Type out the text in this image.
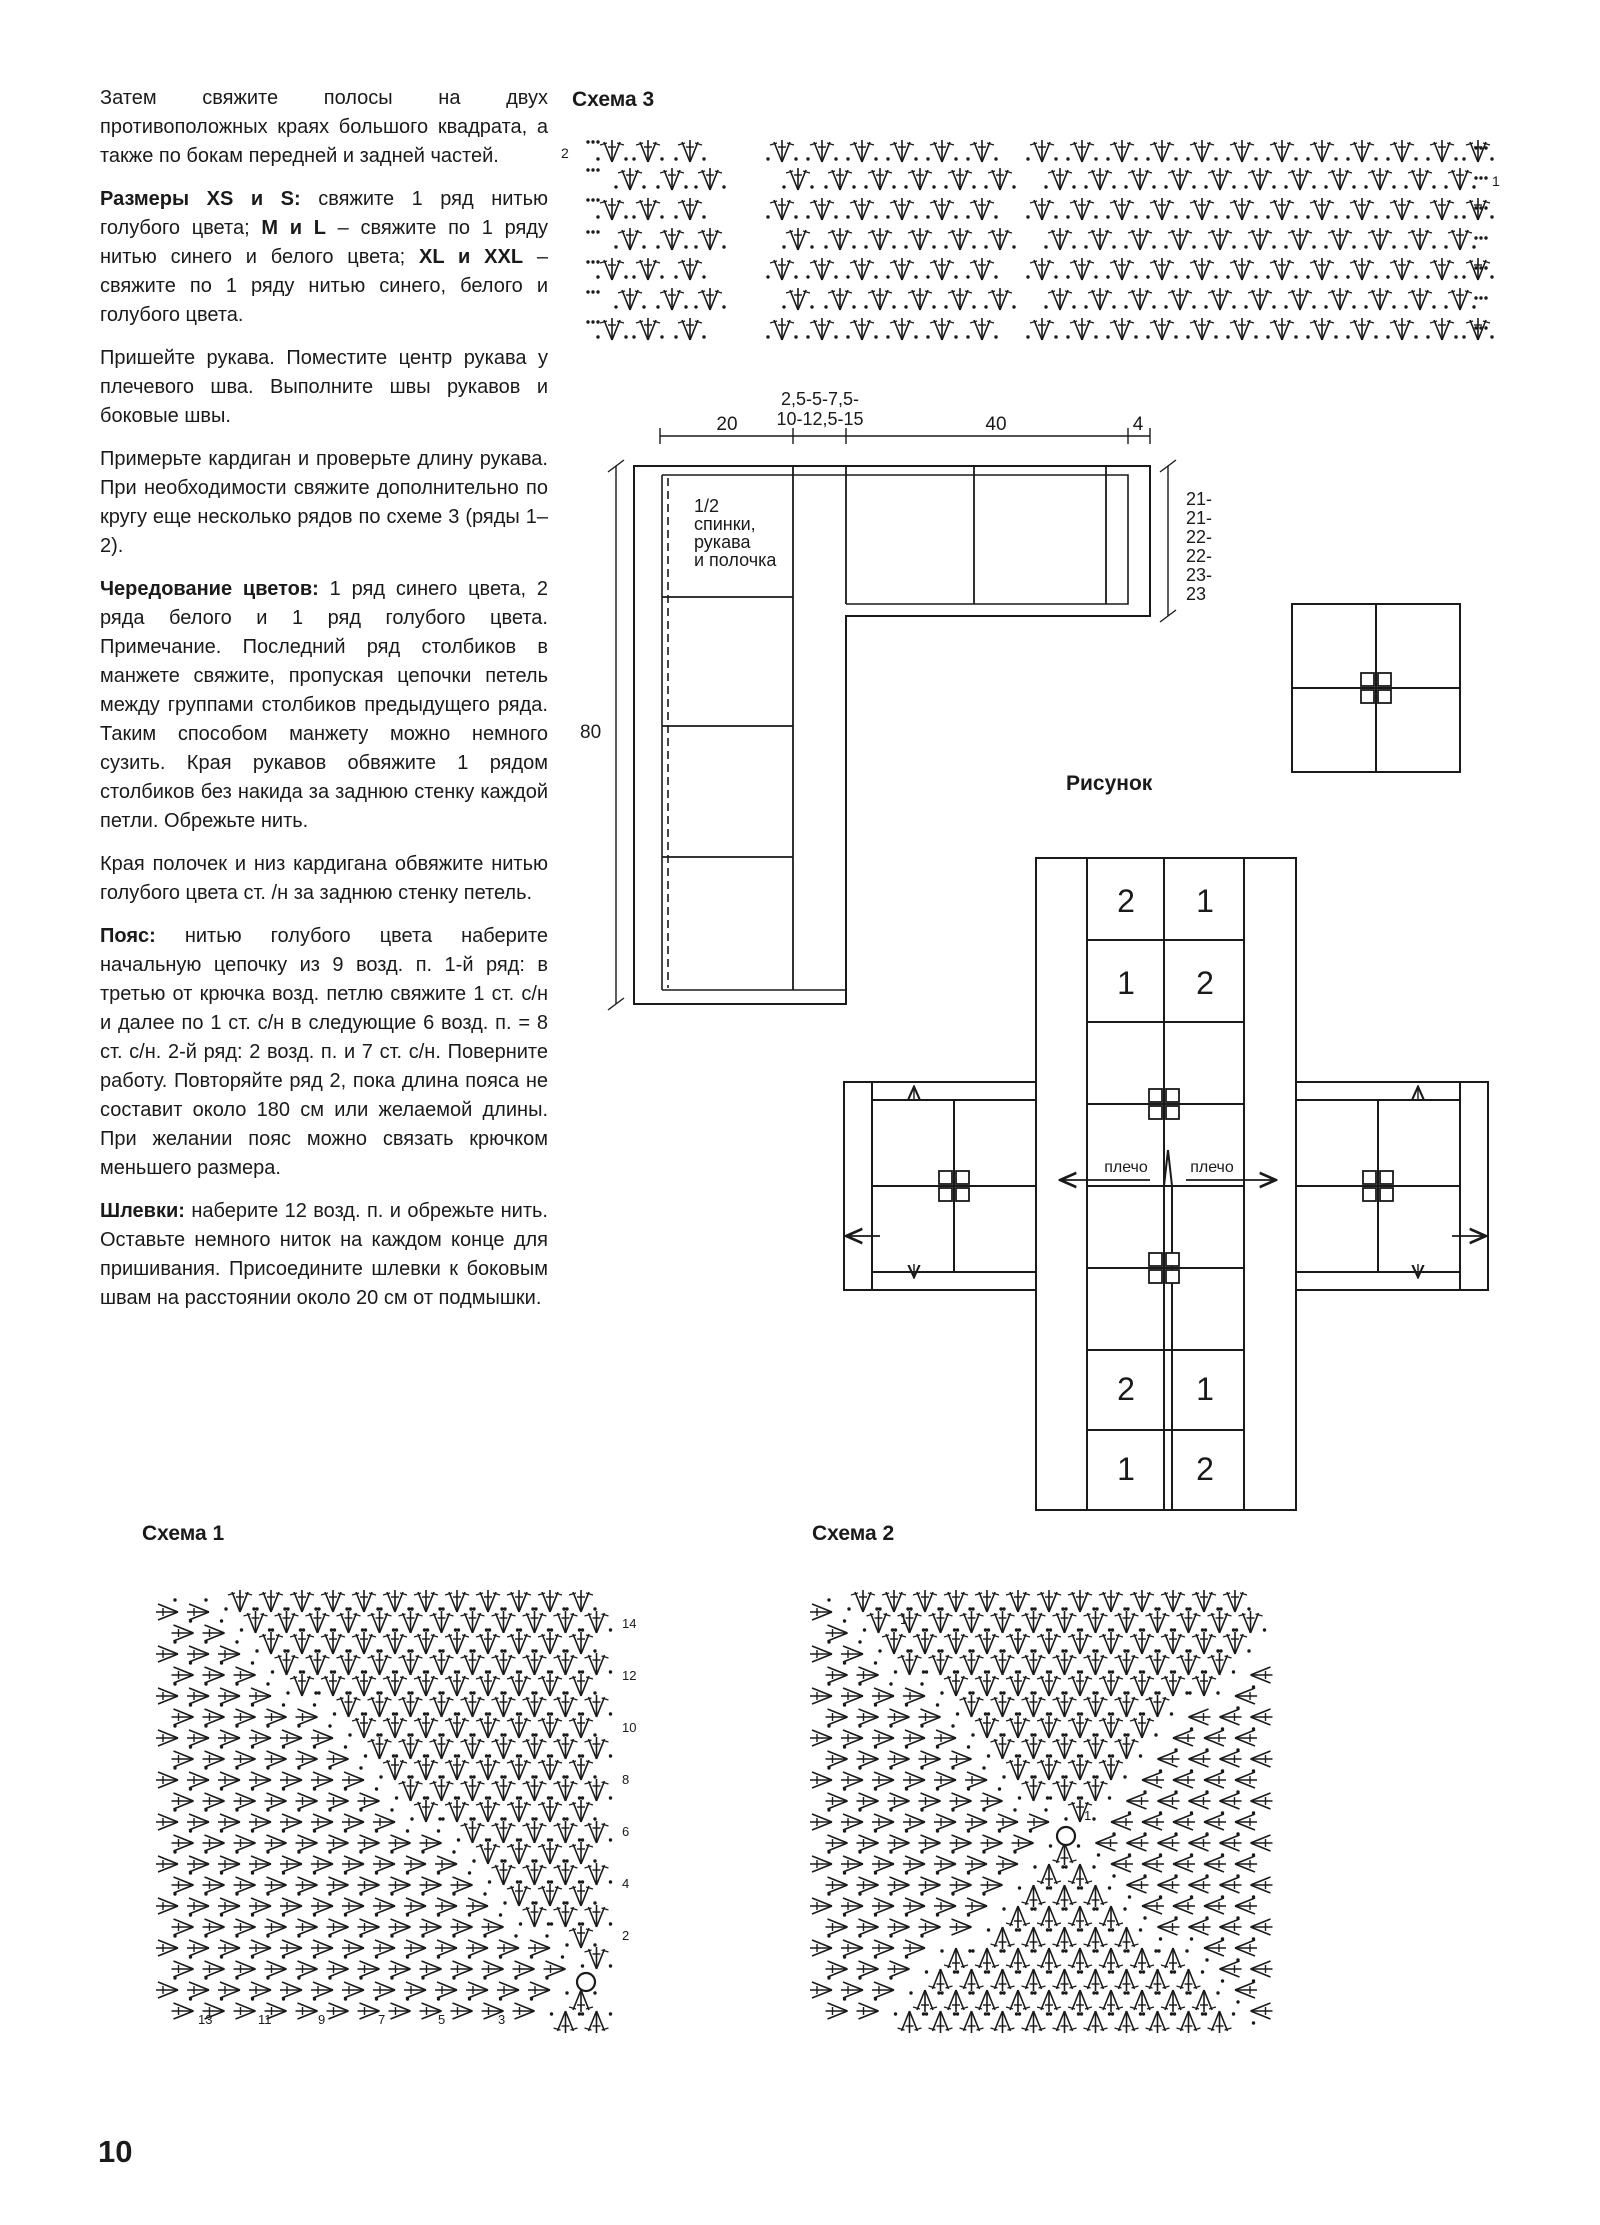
Затем свяжите полосы на двух противоположных краях большого квадрата, а также по бокам передней и задней частей.

Размеры XS и S: свяжите 1 ряд нитью голубого цвета; M и L – свяжите по 1 ряду нитью синего и белого цвета; XL и XXL – свяжите по 1 ряду нитью синего, белого и голубого цвета.

Пришейте рукава. Поместите центр рукава у плечевого шва. Выполните швы рукавов и боковые швы.

Примерьте кардиган и проверьте длину рукава. При необходимости свяжите дополнительно по кругу еще несколько рядов по схеме 3 (ряды 1–2).

Чередование цветов: 1 ряд синего цвета, 2 ряда белого и 1 ряд голубого цвета. Примечание. Последний ряд столбиков в манжете свяжите, пропуская цепочки петель между группами столбиков предыдущего ряда. Таким способом манжету можно немного сузить. Края рукавов обвяжите 1 рядом столбиков без накида за заднюю стенку каждой петли. Обрежьте нить.

Края полочек и низ кардигана обвяжите нитью голубого цвета ст. /н за заднюю стенку петель.

Пояс: нитью голубого цвета наберите начальную цепочку из 9 возд. п. 1-й ряд: в третью от крючка возд. петлю свяжите 1 ст. с/н и далее по 1 ст. с/н в следующие 6 возд. п. = 8 ст. с/н. 2-й ряд: 2 возд. п. и 7 ст. с/н. Поверните работу. Повторяйте ряд 2, пока длина пояса не составит около 180 см или желаемой длины. При желании пояс можно связать крючком меньшего размера.

Шлевки: наберите 12 возд. п. и обрежьте нить. Оставьте немного ниток на каждом конце для пришивания. Присоедините шлевки к боковым швам на расстоянии около 20 см от подмышки.

Схема 3
Рисунок
Схема 1	Схема 2
10
2
1
20
2,5-5-7,5-
10-12,5-15	40	4
80
21-
21-
22-
22-
23-
23
1/2
спинки,
рукава
и полочка
2 1
1 2
2 1
1 2
плечо	плечо
14
12
10
8
6
4
2
13	11	9	7	5	3
1
1
